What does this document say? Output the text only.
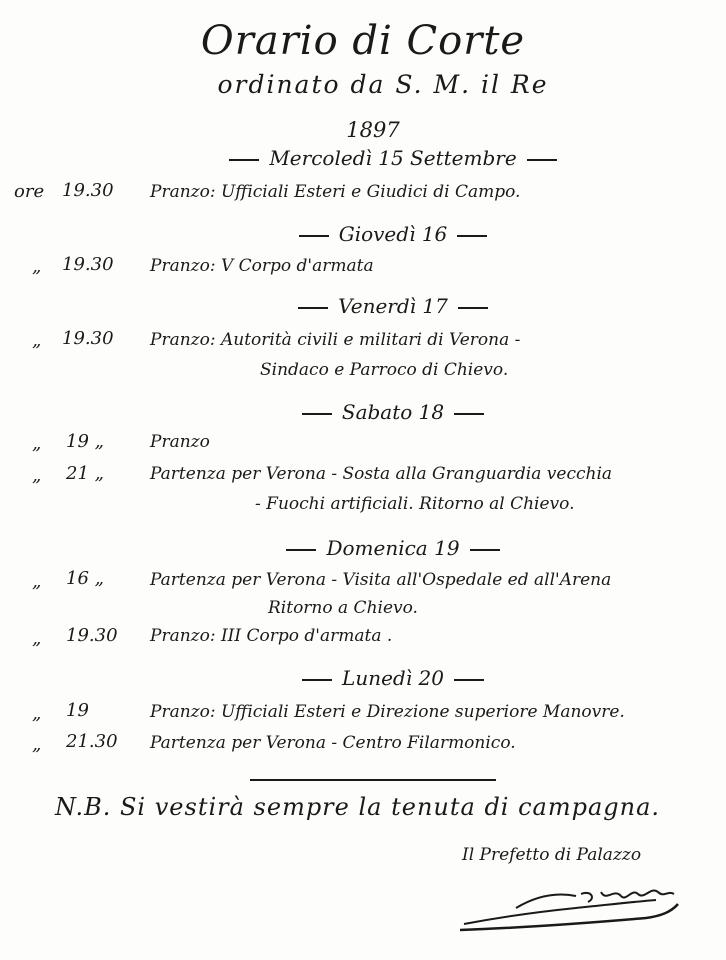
Orario di Corte
ordinato da S. M. il Re
1897
Mercoledì 15 Settembre
ore 19.30 Pranzo: Ufficiali Esteri e Giudici di Campo.
Giovedì 16
„ 19.30 Pranzo: V Corpo d'armata
Venerdì 17
„ 19.30 Pranzo: Autorità civili e militari di Verona -
Sindaco e Parroco di Chievo.
Sabato 18
„ 19 „	Pranzo
„ 21 „	Partenza per Verona - Sosta alla Granguardia vecchia
- Fuochi artificiali. Ritorno al Chievo.
Domenica 19
„ 16 „	Partenza per Verona - Visita all'Ospedale ed all'Arena
Ritorno a Chievo.
„ 19.30 Pranzo: III Corpo d'armata .
Lunedì 20
„ 19	Pranzo: Ufficiali Esteri e Direzione superiore Manovre.
„ 21.30 Partenza per Verona - Centro Filarmonico.
N.B. Si vestirà sempre la tenuta di campagna.
Il Prefetto di Palazzo
